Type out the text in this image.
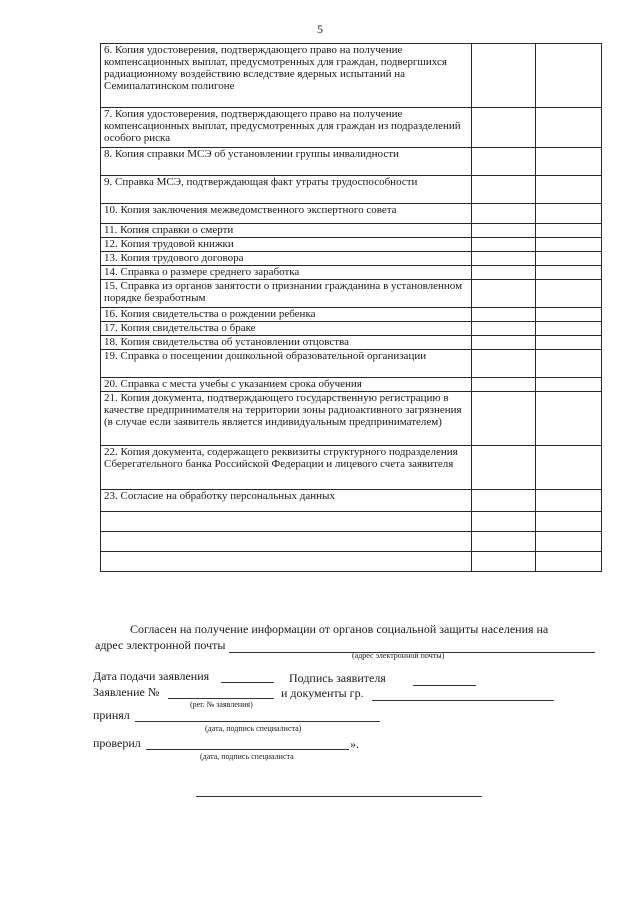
5
6. Копия удостоверения, подтверждающего право на получение компенсационных выплат, предусмотренных для граждан, подвергшихся радиационному воздействию вследствие ядерных испытаний на Семипалатинском полигоне		

7. Копия удостоверения, подтверждающего право на получение компенсационных выплат, предусмотренных для граждан из подразделений особого риска		

8. Копия справки МСЭ об установлении группы инвалидности		

9. Справка МСЭ, подтверждающая факт утраты трудоспособности		

10. Копия заключения межведомственного экспертного совета		

11. Копия справки о смерти		

12. Копия трудовой книжки		

13. Копия трудового договора		

14. Справка о размере среднего заработка		

15. Справка из органов занятости о признании гражданина в установленном порядке безработным		

16. Копия свидетельства о рождении ребенка		

17. Копия свидетельства о браке		

18. Копия свидетельства об установлении отцовства		

19. Справка о посещении дошкольной образовательной организации		

20. Справка с места учебы с указанием срока обучения		

21. Копия документа, подтверждающего государственную регистрацию в качестве предпринимателя на территории зоны радиоактивного загрязнения (в случае если заявитель является индивидуальным предпринимателем)		

22. Копия документа, содержащего реквизиты структурного подразделения Сберегательного банка Российской Федерации и лицевого счета заявителя		

23. Согласие на обработку персональных данных		

Согласен на получение информации от органов социальной защиты населения на
адрес электронной почты
(адрес электронной почты)
Дата подачи заявления	Подпись заявителя
Заявление №	и документы гр.
(рег. № заявления)
принял
(дата, подпись специалиста)
проверил	».
(дата, подпись специалиста
